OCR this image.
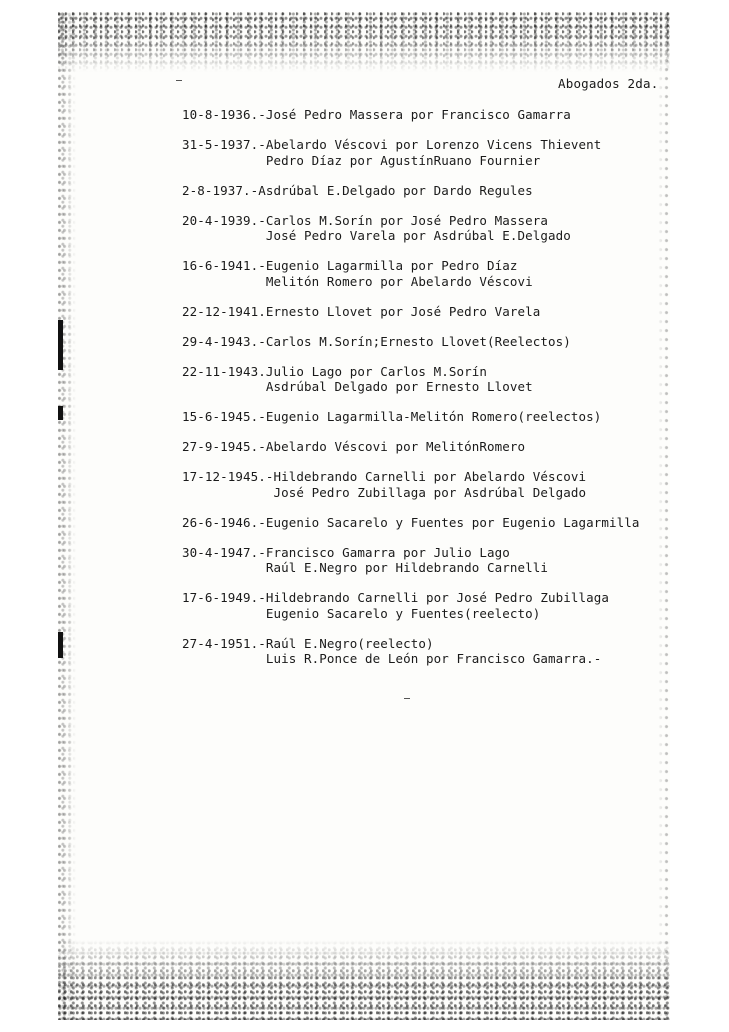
Abogados 2da.
10-8-1936.- José Pedro Massera por Francisco Gamarra
31-5-1937.- Abelardo Véscovi por Lorenzo Vicens Thievent
Pedro Díaz por AgustínRuano Fournier
2-8-1937.- Asdrúbal E.Delgado por Dardo Regules
20-4-1939.- Carlos M.Sorín por José Pedro Massera
José Pedro Varela por Asdrúbal E.Delgado
16-6-1941.- Eugenio Lagarmilla por Pedro Díaz
Melitón Romero por Abelardo Véscovi
22-12-1941. Ernesto Llovet por José Pedro Varela
29-4-1943.- Carlos M.Sorín;Ernesto Llovet(Reelectos)
22-11-1943. Julio Lago por Carlos M.Sorín
Asdrúbal Delgado por Ernesto Llovet
15-6-1945.- Eugenio Lagarmilla-Melitón Romero(reelectos)
27-9-1945.- Abelardo Véscovi por MelitónRomero
17-12-1945.- Hildebrando Carnelli por Abelardo Véscovi
José Pedro Zubillaga por Asdrúbal Delgado
26-6-1946.- Eugenio Sacarelo y Fuentes por Eugenio Lagarmilla
30-4-1947.- Francisco Gamarra por Julio Lago
Raúl E.Negro por Hildebrando Carnelli
17-6-1949.- Hildebrando Carnelli por José Pedro Zubillaga
Eugenio Sacarelo y Fuentes(reelecto)
27-4-1951.- Raúl E.Negro(reelecto)
Luis R.Ponce de León por Francisco Gamarra.-
